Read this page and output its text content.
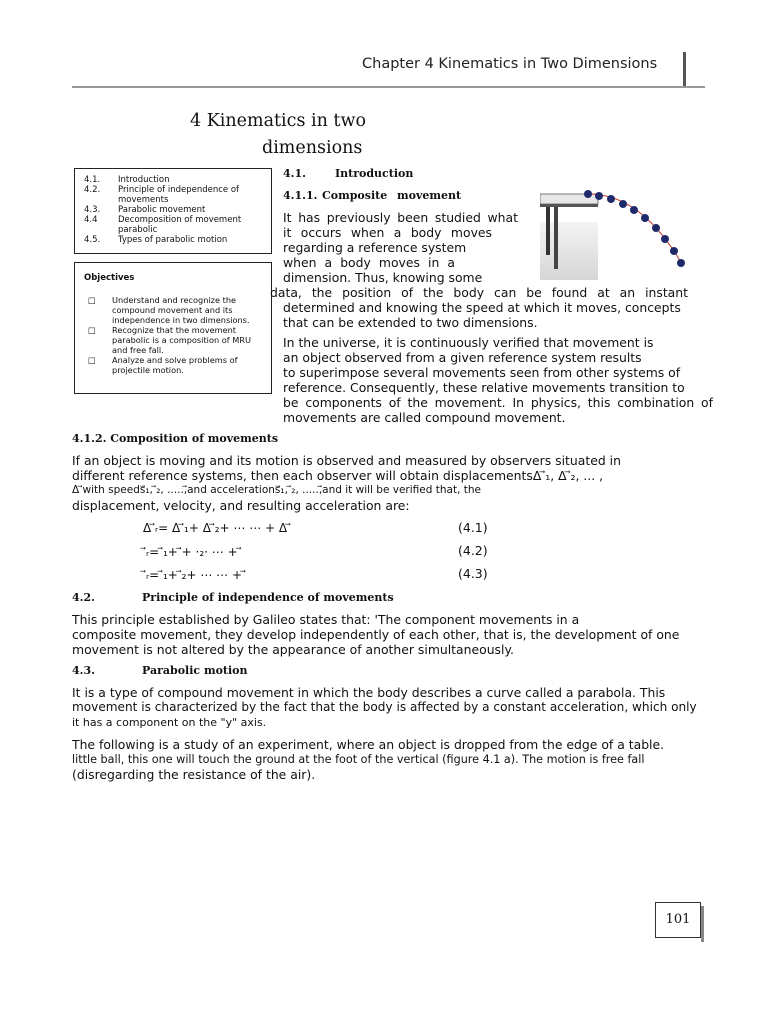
Chapter 4 Kinematics in Two Dimensions
4 Kinematics in two
dimensions
4.1.	Introduction
4.2.	Principle of independence of movements
4.3.	Parabolic movement
4.4	Decomposition of movement parabolic
4.5.	Types of parabolic motion
Objectives
□	Understand and recognize the compound movement and its independence in two dimensions.
□	Recognize that the movement parabolic is a composition of MRU and free fall.
□	Analyze and solve problems of projectile motion.
4.1.	Introduction
4.1.1. Composite movement
It has previously been studied what
it occurs when a body moves
regarding a reference system
when a body moves in a
dimension. Thus, knowing some
data, the position of the body can be found at an instant
determined and knowing the speed at which it moves, concepts
that can be extended to two dimensions.
In the universe, it is continuously verified that movement is
an object observed from a given reference system results
to superimpose several movements seen from other systems of
reference. Consequently, these relative movements transition to
be components of the movement. In physics, this combination of
movements are called compound movement.
4.1.2. Composition of movements
If an object is moving and its motion is observed and measured by observers situated in
different reference systems, then each observer will obtain displacementsΔ ⃗₁, Δ ⃗₂, ... ,
Δ ⃗with speeds⃗₁, ⃗₂, .....,⃗and accelerations⃗₁, ⃗₂, .....,⃗and it will be verified that, the
displacement, velocity, and resulting acceleration are:
Δ ⃗ᵣ= Δ ⃗₁+ Δ ⃗₂+ ⋯ ⋯ + Δ ⃗	(4.1)
⃗ᵣ= ⃗₁+ ⃗+ ·₂· ⋯ + ⃗	(4.2)
⃗ᵣ= ⃗₁+ ⃗₂+ ⋯ ⋯ + ⃗	(4.3)
4.2.	Principle of independence of movements
This principle established by Galileo states that: 'The component movements in a
composite movement, they develop independently of each other, that is, the development of one
movement is not altered by the appearance of another simultaneously.
4.3.	Parabolic motion
It is a type of compound movement in which the body describes a curve called a parabola. This
movement is characterized by the fact that the body is affected by a constant acceleration, which only
it has a component on the "y" axis.
The following is a study of an experiment, where an object is dropped from the edge of a table.
little ball, this one will touch the ground at the foot of the vertical (figure 4.1 a). The motion is free fall
(disregarding the resistance of the air).
101
